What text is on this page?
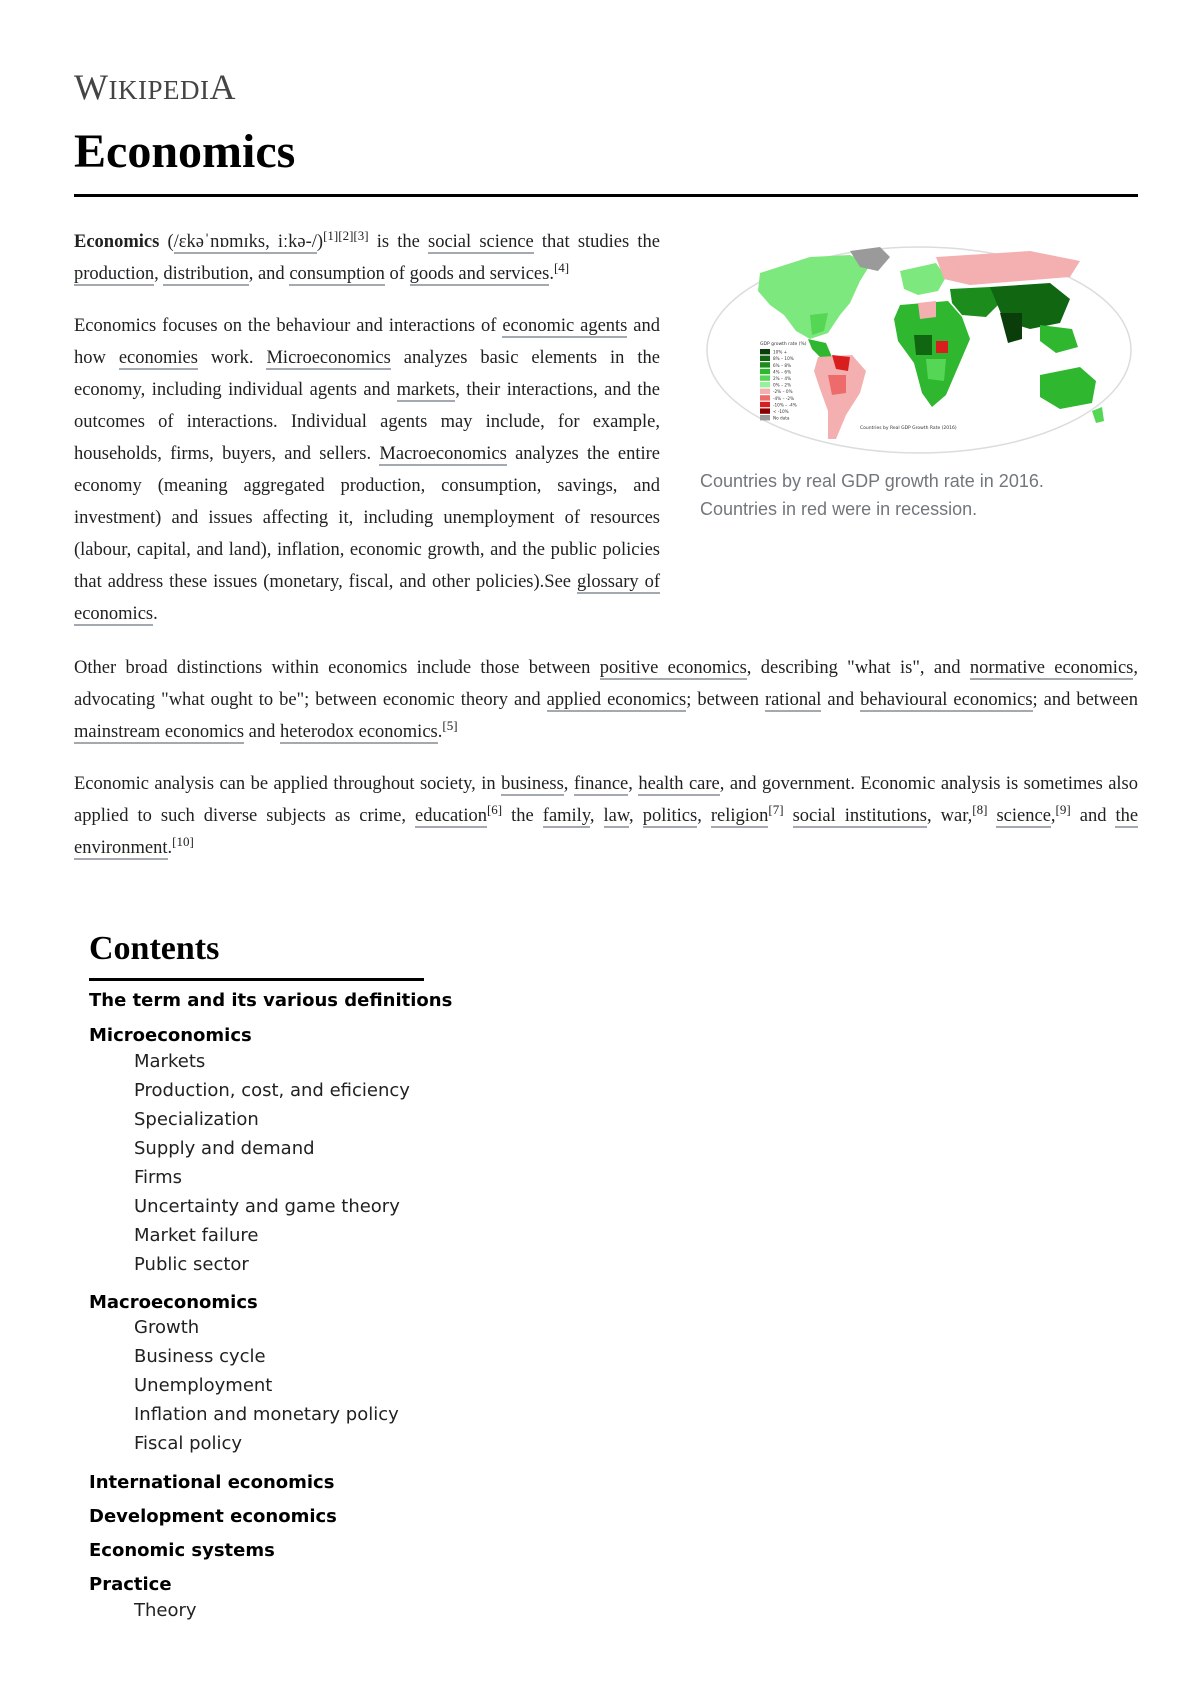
WIKIPEDIA
Economics

Economics (/ɛkəˈnɒmɪks, iːkə-/)[1][2][3] is the social science that studies the production, distribution, and consumption of goods and services.[4]

Economics focuses on the behaviour and interactions of economic agents and how economies work. Microeconomics analyzes basic elements in the economy, including individual agents and markets, their interactions, and the outcomes of interactions. Individual agents may include, for example, households, firms, buyers, and sellers. Macroeconomics analyzes the entire economy (meaning aggregated production, consumption, savings, and investment) and issues affecting it, including unemployment of resources (labour, capital, and land), inflation, economic growth, and the public policies that address these issues (monetary, fiscal, and other policies).See glossary of economics.

GDP growth rate (%)
10% +
8% – 10%
6% – 8%
4% – 6%
2% – 4%
0% – 2%
-2% – 0%
-4% – -2%
-10% – -4%
< -10%
No data
Countries by Real GDP Growth Rate (2016)
Countries by real GDP growth rate in 2016.
Countries in red were in recession.

Other broad distinctions within economics include those between positive economics, describing "what is", and normative economics, advocating "what ought to be"; between economic theory and applied economics; between rational and behavioural economics; and between mainstream economics and heterodox economics.[5]

Economic analysis can be applied throughout society, in business, finance, health care, and government. Economic analysis is sometimes also applied to such diverse subjects as crime, education[6] the family, law, politics, religion[7] social institutions, war,[8] science,[9] and the environment.[10]

Contents
The term and its various definitions
Microeconomics
Markets
Production, cost, and eficiency
Specialization
Supply and demand
Firms
Uncertainty and game theory
Market failure
Public sector
Macroeconomics
Growth
Business cycle
Unemployment
Inflation and monetary policy
Fiscal policy
International economics
Development economics
Economic systems
Practice
Theory
